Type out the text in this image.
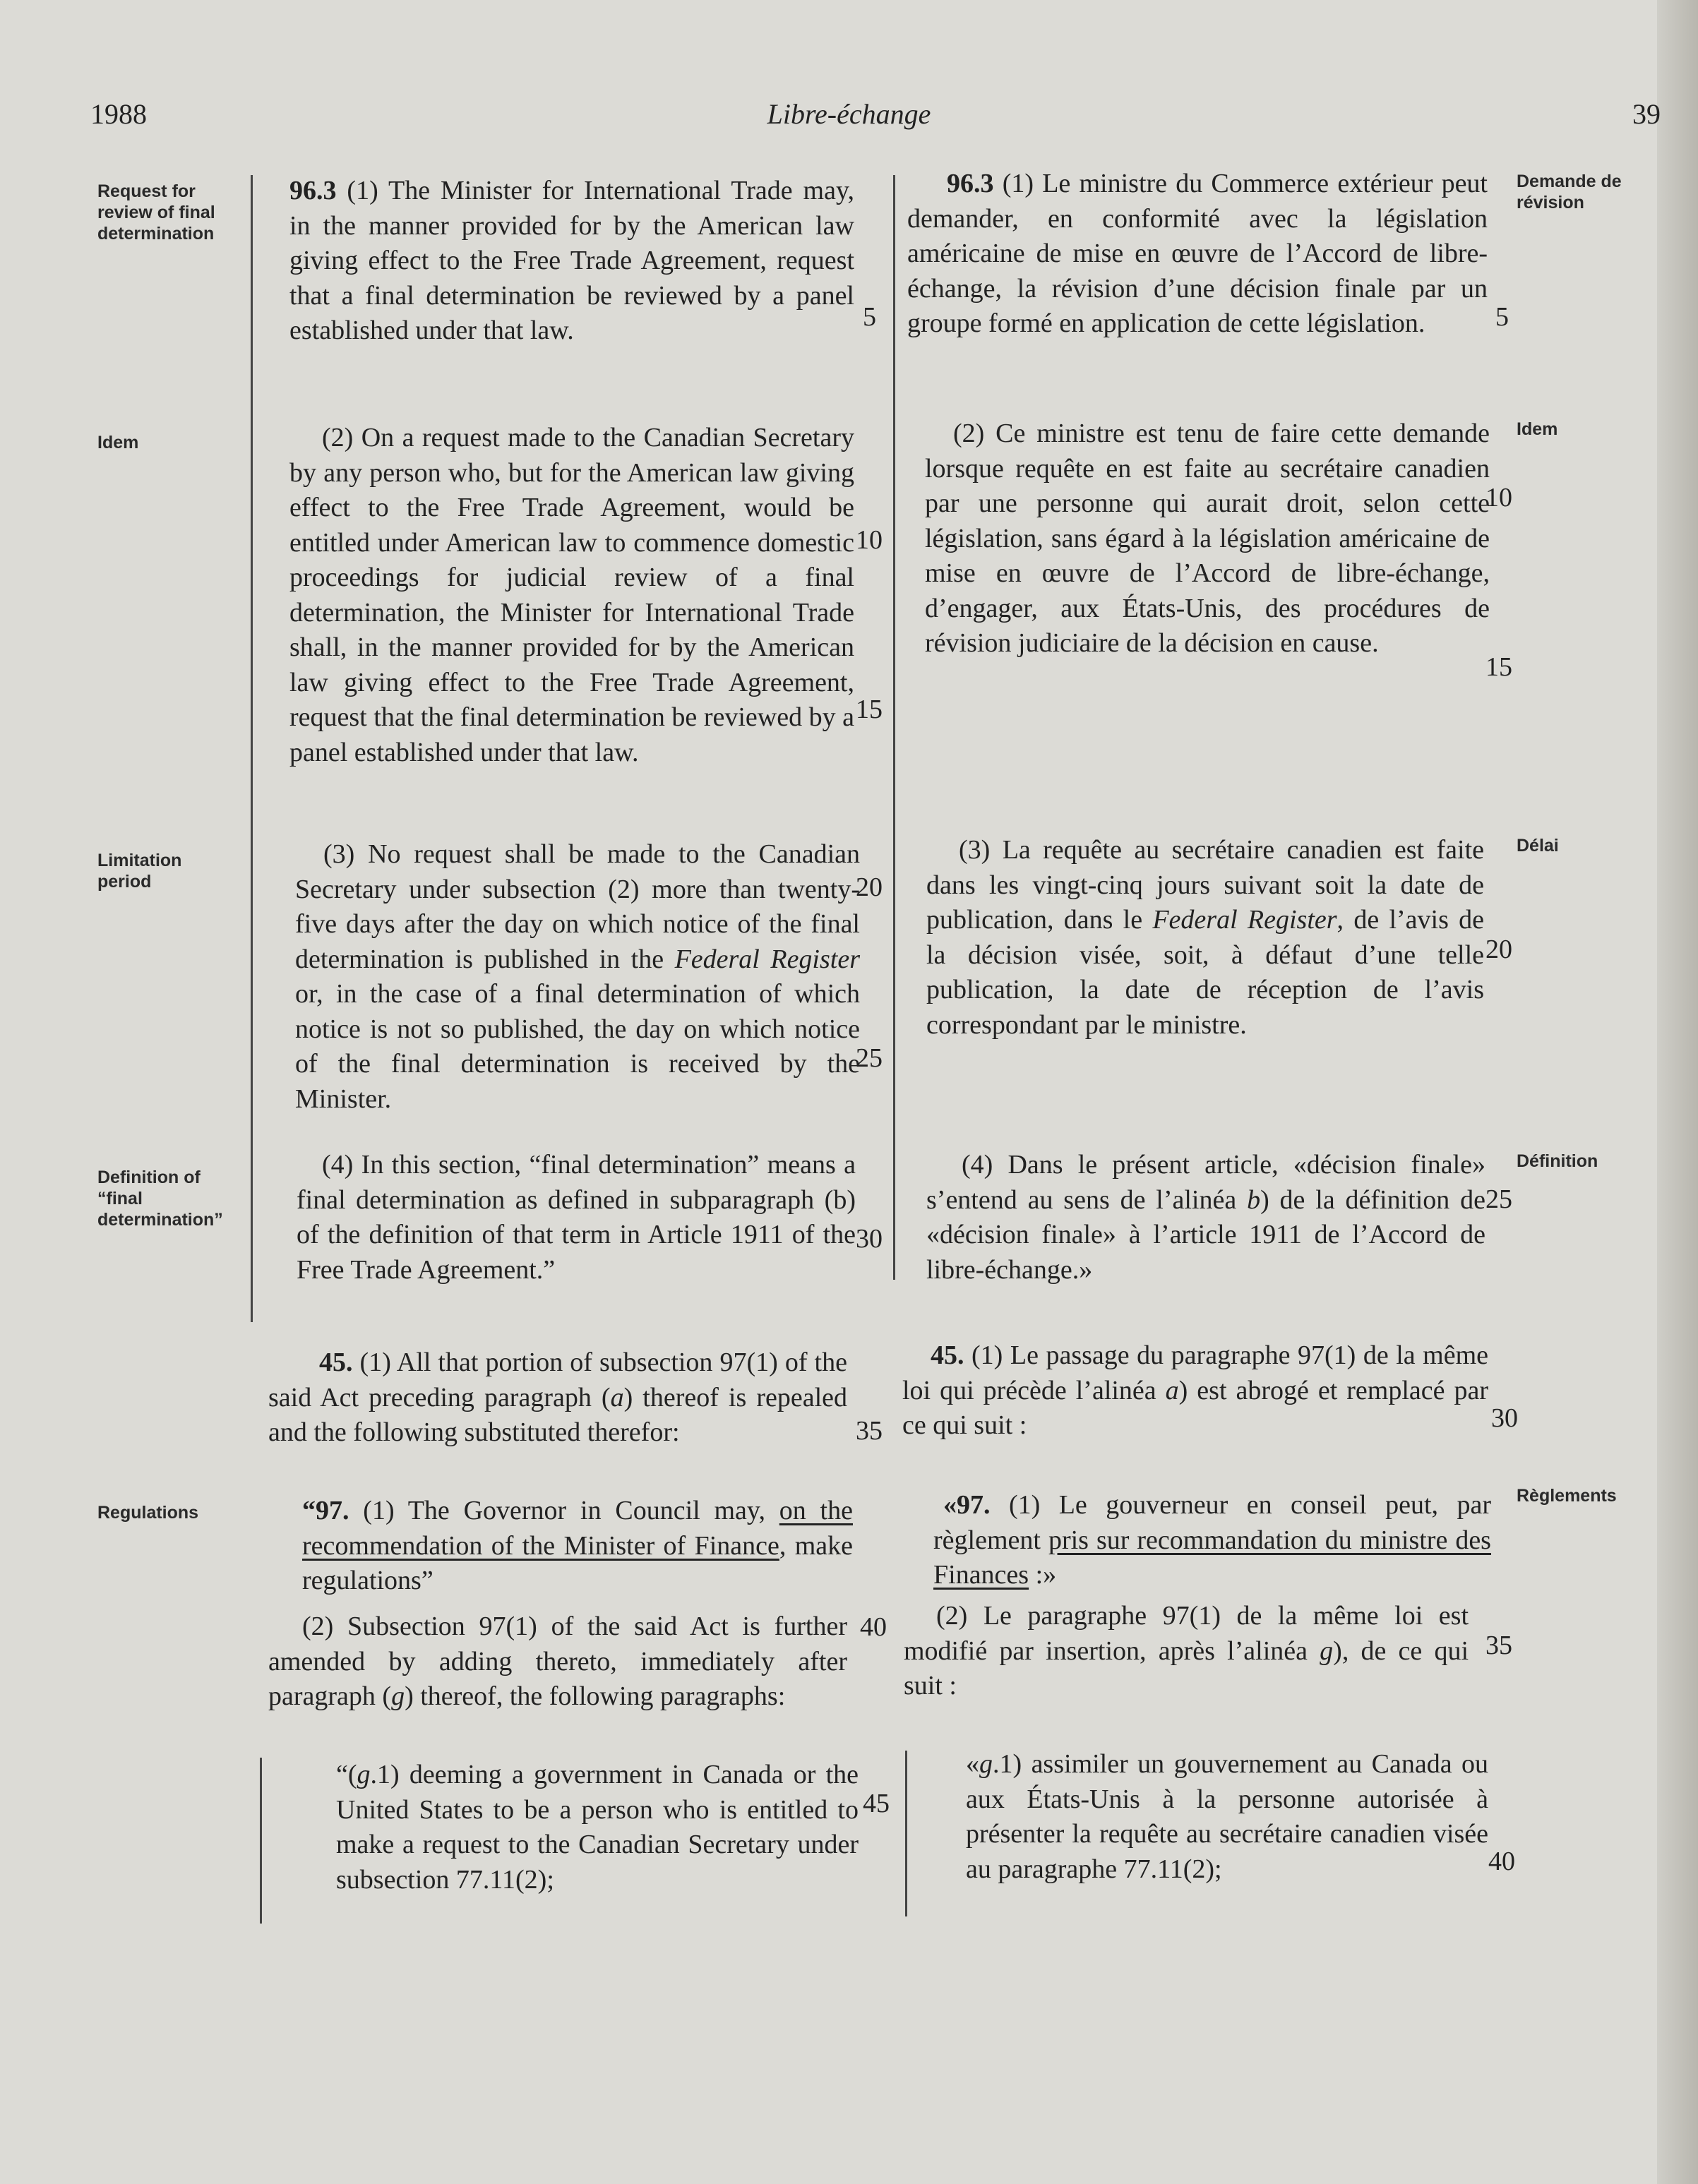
Libre-échange
1988	39
Request for review of final determination
Idem
Limitation period
Definition of “final determination”
Regulations
Demande de révision
Idem
Délai
Définition
Règlements

96.3 (1) The Minister for International Trade may, in the manner provided for by the American law giving effect to the Free Trade Agreement, request that a final determination be reviewed by a panel established under that law.

(2) On a request made to the Canadian Secretary by any person who, but for the American law giving effect to the Free Trade Agreement, would be entitled under American law to commence domestic proceedings for judicial review of a final determination, the Minister for International Trade shall, in the manner provided for by the American law giving effect to the Free Trade Agreement, request that the final determination be reviewed by a panel established under that law.

(3) No request shall be made to the Canadian Secretary under subsection (2) more than twenty-five days after the day on which notice of the final determination is published in the Federal Register or, in the case of a final determination of which notice is not so published, the day on which notice of the final determination is received by the Minister.

(4) In this section, “final determination” means a final determination as defined in subparagraph (b) of the definition of that term in Article 1911 of the Free Trade Agreement.”

45. (1) All that portion of subsection 97(1) of the said Act preceding paragraph (a) thereof is repealed and the following substituted therefor:

“97. (1) The Governor in Council may, on the recommendation of the Minister of Finance, make regulations”

(2) Subsection 97(1) of the said Act is further amended by adding thereto, immediately after paragraph (g) thereof, the following paragraphs:

“(g.1) deeming a government in Canada or the United States to be a person who is entitled to make a request to the Canadian Secretary under subsection 77.11(2);

5
10
15
20
25
30
35
40
45

96.3 (1) Le ministre du Commerce extérieur peut demander, en conformité avec la législation américaine de mise en œuvre de l’Accord de libre-échange, la révision d’une décision finale par un groupe formé en application de cette législation.

(2) Ce ministre est tenu de faire cette demande lorsque requête en est faite au secrétaire canadien par une personne qui aurait droit, selon cette législation, sans égard à la législation américaine de mise en œuvre de l’Accord de libre-échange, d’engager, aux États-Unis, des procédures de révision judiciaire de la décision en cause.

(3) La requête au secrétaire canadien est faite dans les vingt-cinq jours suivant soit la date de publication, dans le Federal Register, de l’avis de la décision visée, soit, à défaut d’une telle publication, la date de réception de l’avis correspondant par le ministre.

(4) Dans le présent article, «décision finale» s’entend au sens de l’alinéa b) de la définition de «décision finale» à l’article 1911 de l’Accord de libre-échange.»

45. (1) Le passage du paragraphe 97(1) de la même loi qui précède l’alinéa a) est abrogé et remplacé par ce qui suit :

«97. (1) Le gouverneur en conseil peut, par règlement pris sur recommandation du ministre des Finances :»

(2) Le paragraphe 97(1) de la même loi est modifié par insertion, après l’alinéa g), de ce qui suit :

«g.1) assimiler un gouvernement au Canada ou aux États-Unis à la personne autorisée à présenter la requête au secrétaire canadien visée au paragraphe 77.11(2);

5
10
15
20
25
30
35
40
